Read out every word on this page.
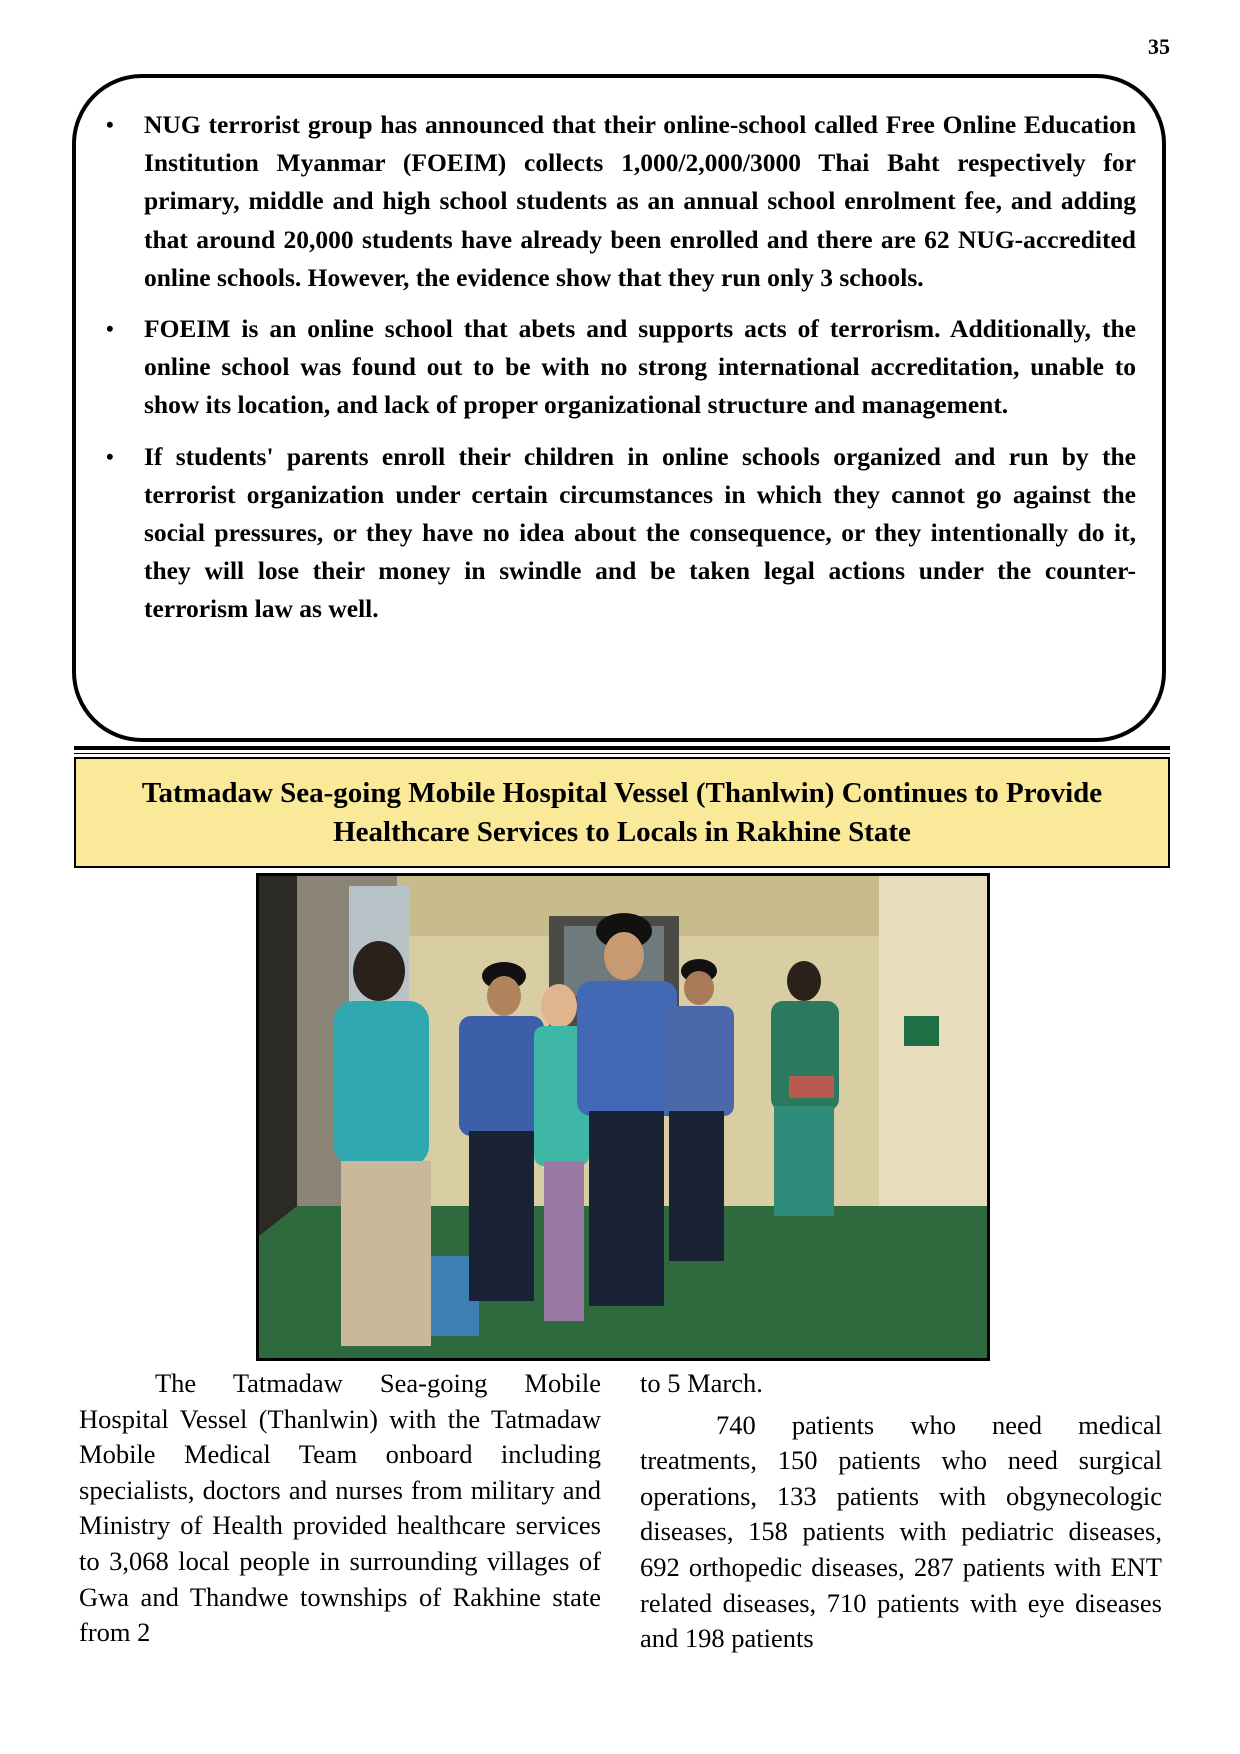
35
• NUG terrorist group has announced that their online-school called Free Online Education Institution Myanmar (FOEIM) collects 1,000/2,000/3000 Thai Baht respectively for primary, middle and high school students as an annual school enrolment fee, and adding that around 20,000 students have already been enrolled and there are 62 NUG-accredited online schools. However, the evidence show that they run only 3 schools.
• FOEIM is an online school that abets and supports acts of terrorism. Additionally, the online school was found out to be with no strong international accreditation, unable to show its location, and lack of proper organizational structure and management.
• If students' parents enroll their children in online schools organized and run by the terrorist organization under certain circumstances in which they cannot go against the social pressures, or they have no idea about the consequence, or they intentionally do it, they will lose their money in swindle and be taken legal actions under the counter-terrorism law as well.
Tatmadaw Sea-going Mobile Hospital Vessel (Thanlwin) Continues to Provide Healthcare Services to Locals in Rakhine State

The Tatmadaw Sea-going Mobile Hospital Vessel (Thanlwin) with the Tatmadaw Mobile Medical Team onboard including specialists, doctors and nurses from military and Ministry of Health provided healthcare services to 3,068 local people in surrounding villages of Gwa and Thandwe townships of Rakhine state from 2

to 5 March.

740 patients who need medical treatments, 150 patients who need surgical operations, 133 patients with obgynecologic diseases, 158 patients with pediatric diseases, 692 orthopedic diseases, 287 patients with ENT related diseases, 710 patients with eye diseases and 198 patients
